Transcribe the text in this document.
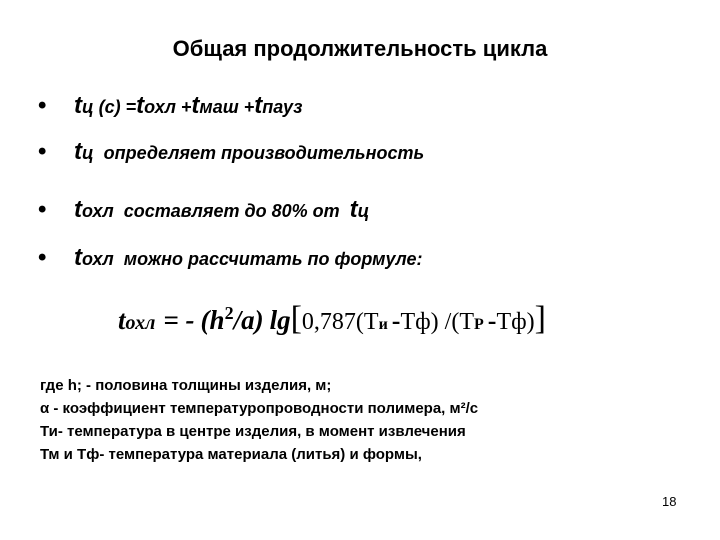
Общая продолжительность цикла
•	t ц (с) = t охл + t маш + t пауз
•	t ц определяет производительность
•	t охл составляет до 80% от t ц
•	t охл можно рассчитать по формуле:
t охл = - ( h 2 /a) lg [ 0,787 (T и - Tф ) /(T P - Tф ) ]
где h; - половина толщины изделия, м;
α - коэффициент температуропроводности полимера, м²/с
Ти- температура в центре изделия, в момент извлечения
Тм и Тф- температура материала (литья) и формы,
18
